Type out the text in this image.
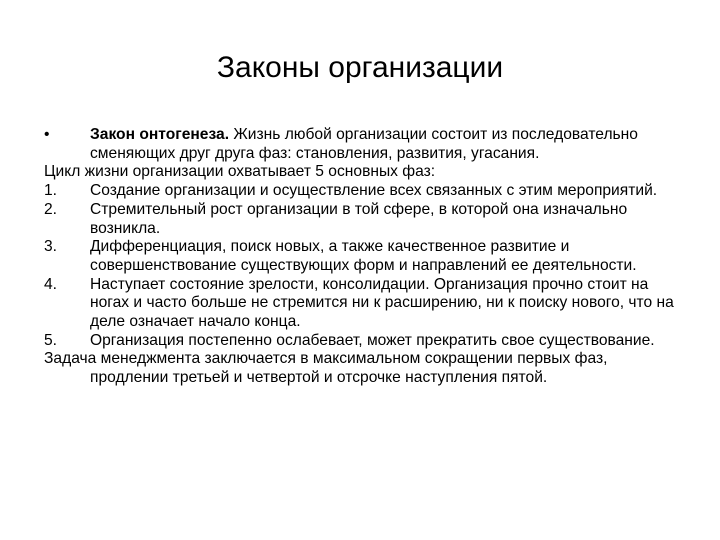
Законы организации
•	Закон онтогенеза. Жизнь любой организации состоит из последовательно сменяющих друг друга фаз: становления, развития, угасания.
Цикл жизни организации охватывает 5 основных фаз:
1.	Создание организации и осуществление всех связанных с этим мероприятий.
2.	Стремительный рост организации в той сфере, в которой она изначально возникла.
3.	Дифференциация, поиск новых, а также качественное развитие и совершенствование существующих форм и направлений ее деятельности.
4.	Наступает состояние зрелости, консолидации. Организация прочно стоит на ногах и часто больше не стремится ни к расширению, ни к поиску нового, что на деле означает начало конца.
5.	Организация постепенно ослабевает, может прекратить свое существование.
Задача менеджмента заключается в максимальном сокращении первых фаз, продлении третьей и четвертой и отсрочке наступления пятой.
